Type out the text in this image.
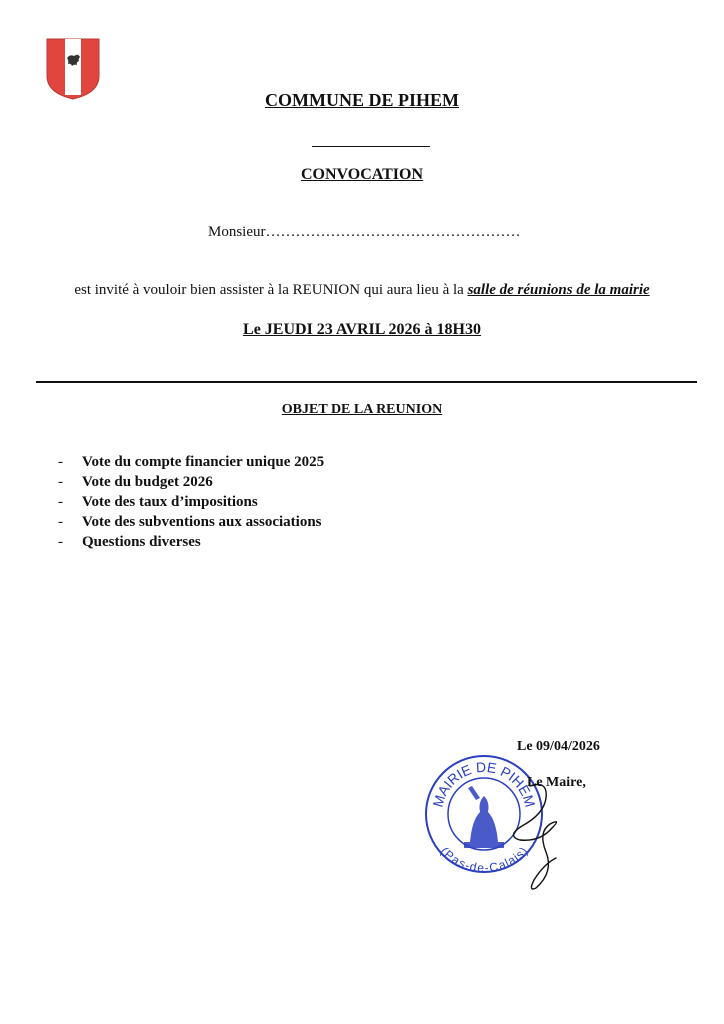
COMMUNE DE PIHEM
CONVOCATION
Monsieur……………………………………………
est invité à vouloir bien assister à la REUNION qui aura lieu à la salle de réunions de la mairie
Le JEUDI 23 AVRIL 2026 à 18H30
OBJET DE LA REUNION
- Vote du compte financier unique 2025
- Vote du budget 2026
- Vote des taux d’impositions
- Vote des subventions aux associations
- Questions diverses
Le 09/04/2026
MAIRIE DE PIHEM
(Pas-de-Calais)
Le Maire,
